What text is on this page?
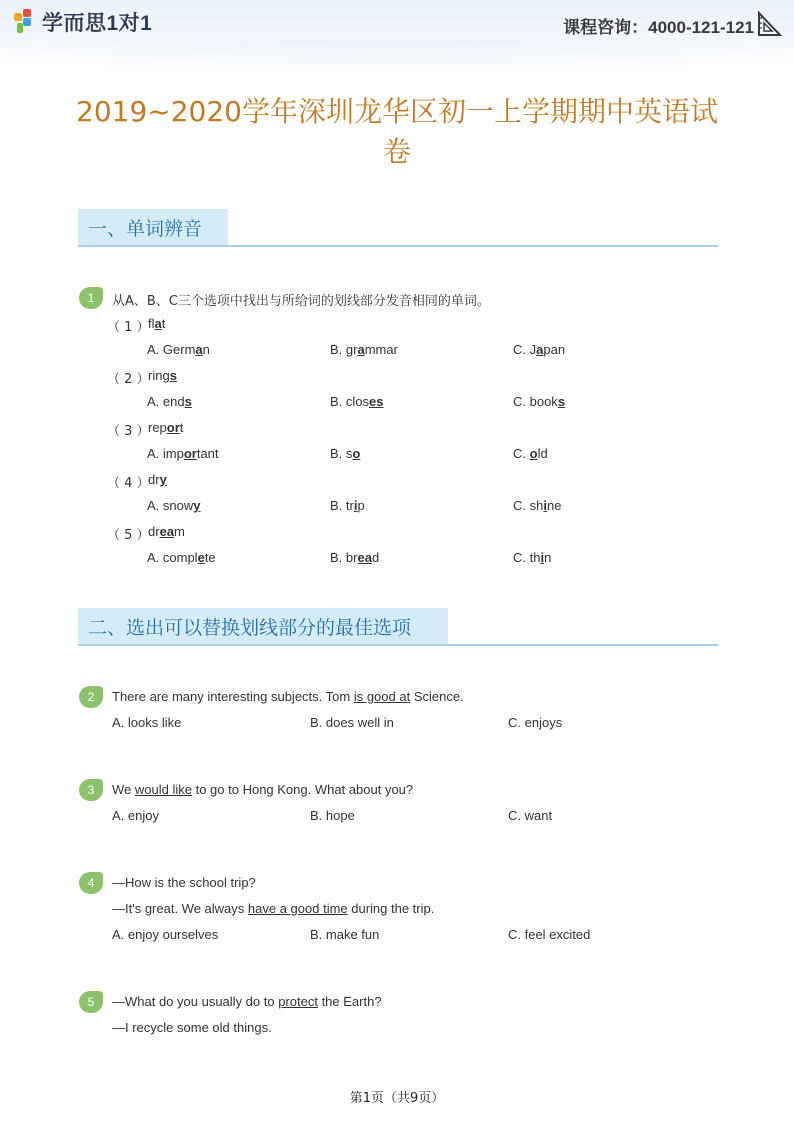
学而思1对1	课程咨询：4000-121-121
2019~2020学年深圳龙华区初一上学期期中英语试
卷
一、单词辨音
1	从A、B、C三个选项中找出与所给词的划线部分发音相同的单词。
（ 1 ）
flat
A. German	B. grammar	C. Japan
（ 2 ）
rings
A. ends	B. closes	C. books
（ 3 ）
report
A. important	B. so	C. old
（ 4 ）
dry
A. snowy	B. trip	C. shine
（ 5 ）
dream
A. complete	B. bread	C. thin
二、选出可以替换划线部分的最佳选项
2	There are many interesting subjects. Tom is good at Science.
A. looks like	B. does well in	C. enjoys
3	We would like to go to Hong Kong. What about you?
A. enjoy	B. hope	C. want
4	—How is the school trip?
—It's great. We always have a good time during the trip.
A. enjoy ourselves	B. make fun	C. feel excited
5	—What do you usually do to protect the Earth?
—I recycle some old things.
第1页（共9页）
